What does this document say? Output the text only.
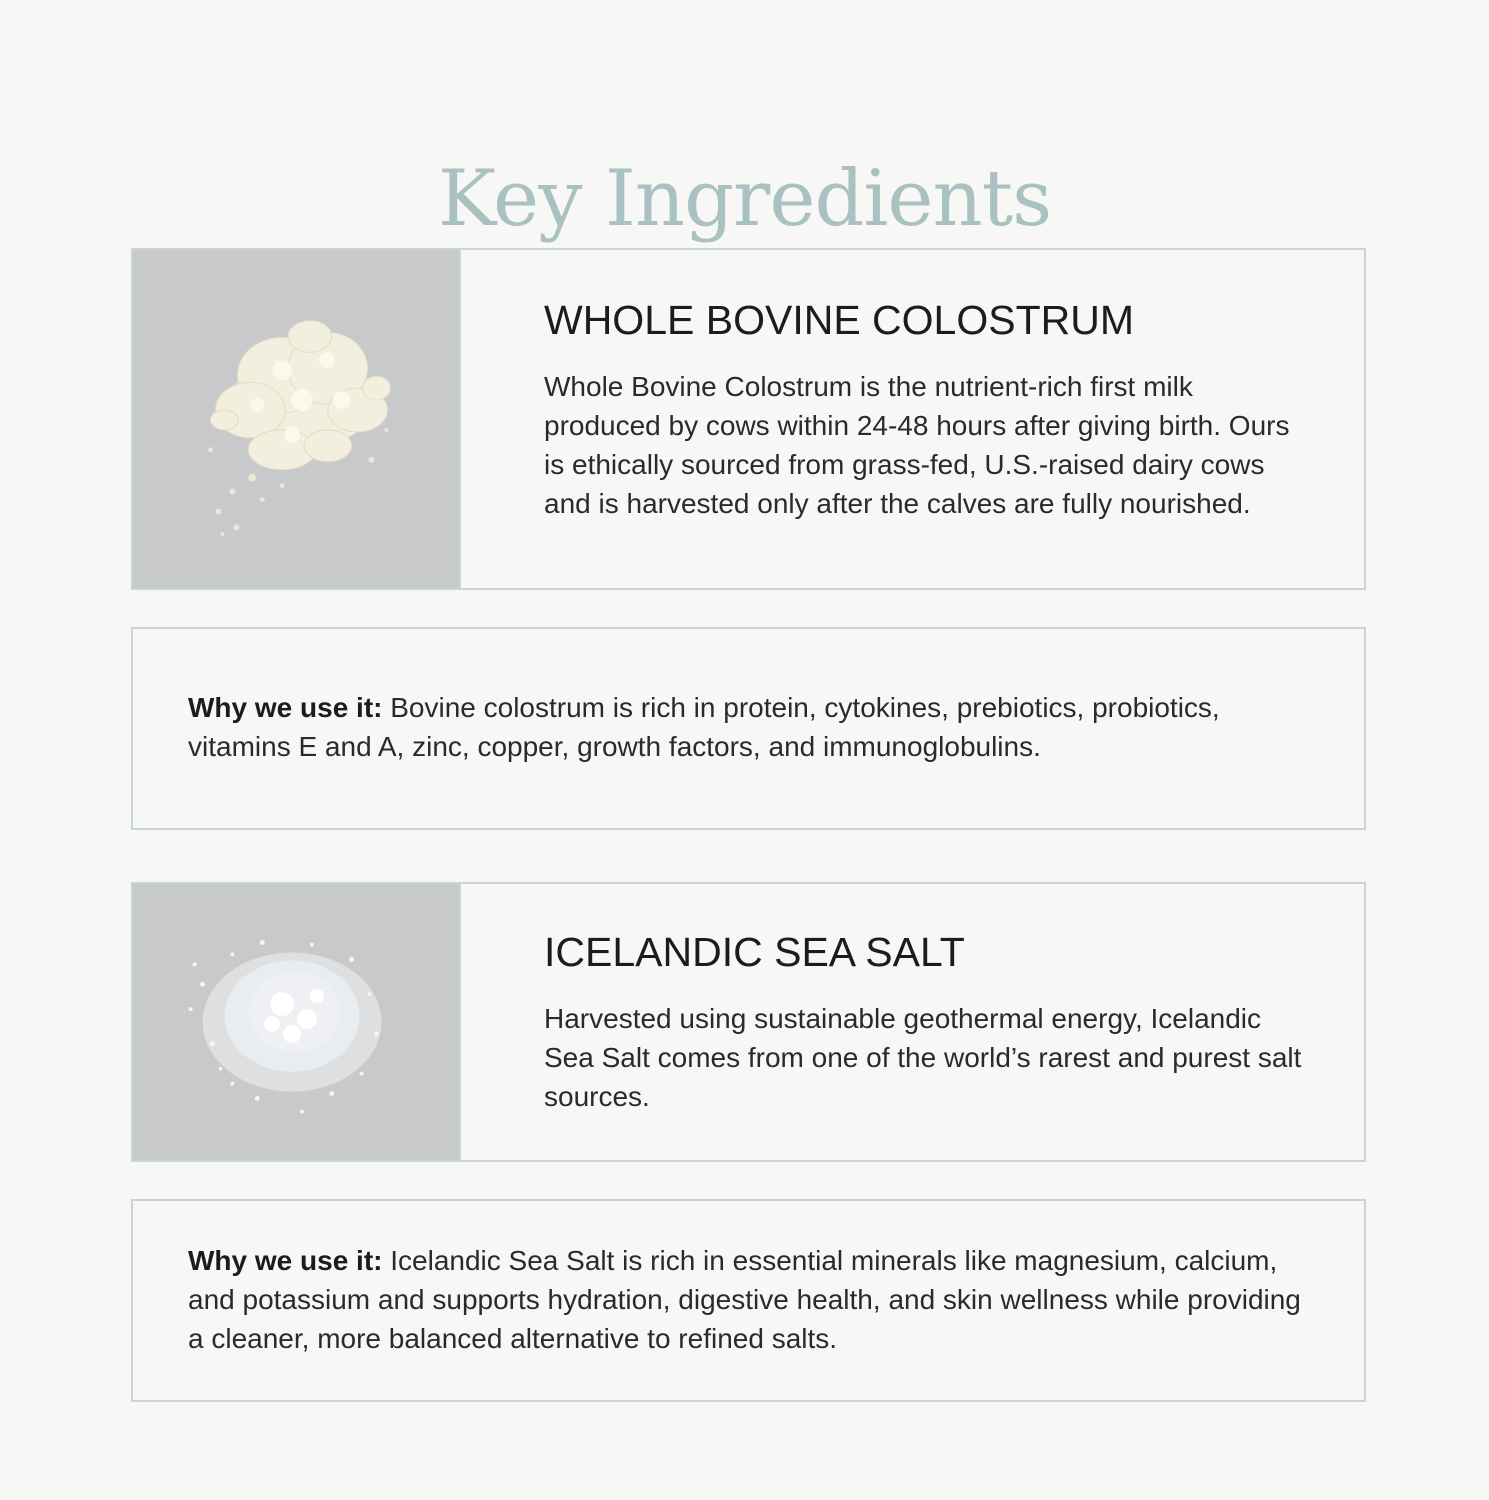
Key Ingredients
WHOLE BOVINE COLOSTRUM

Whole Bovine Colostrum is the nutrient-rich first milk produced by cows within 24-48 hours after giving birth. Ours is ethically sourced from grass-fed, U.S.-raised dairy cows and is harvested only after the calves are fully nourished.

Why we use it: Bovine colostrum is rich in protein, cytokines, prebiotics, probiotics, vitamins E and A, zinc, copper, growth factors, and immunoglobulins.

ICELANDIC SEA SALT

Harvested using sustainable geothermal energy, Icelandic Sea Salt comes from one of the world’s rarest and purest salt sources.

Why we use it: Icelandic Sea Salt is rich in essential minerals like magnesium, calcium, and potassium and supports hydration, digestive health, and skin wellness while providing a cleaner, more balanced alternative to refined salts.
